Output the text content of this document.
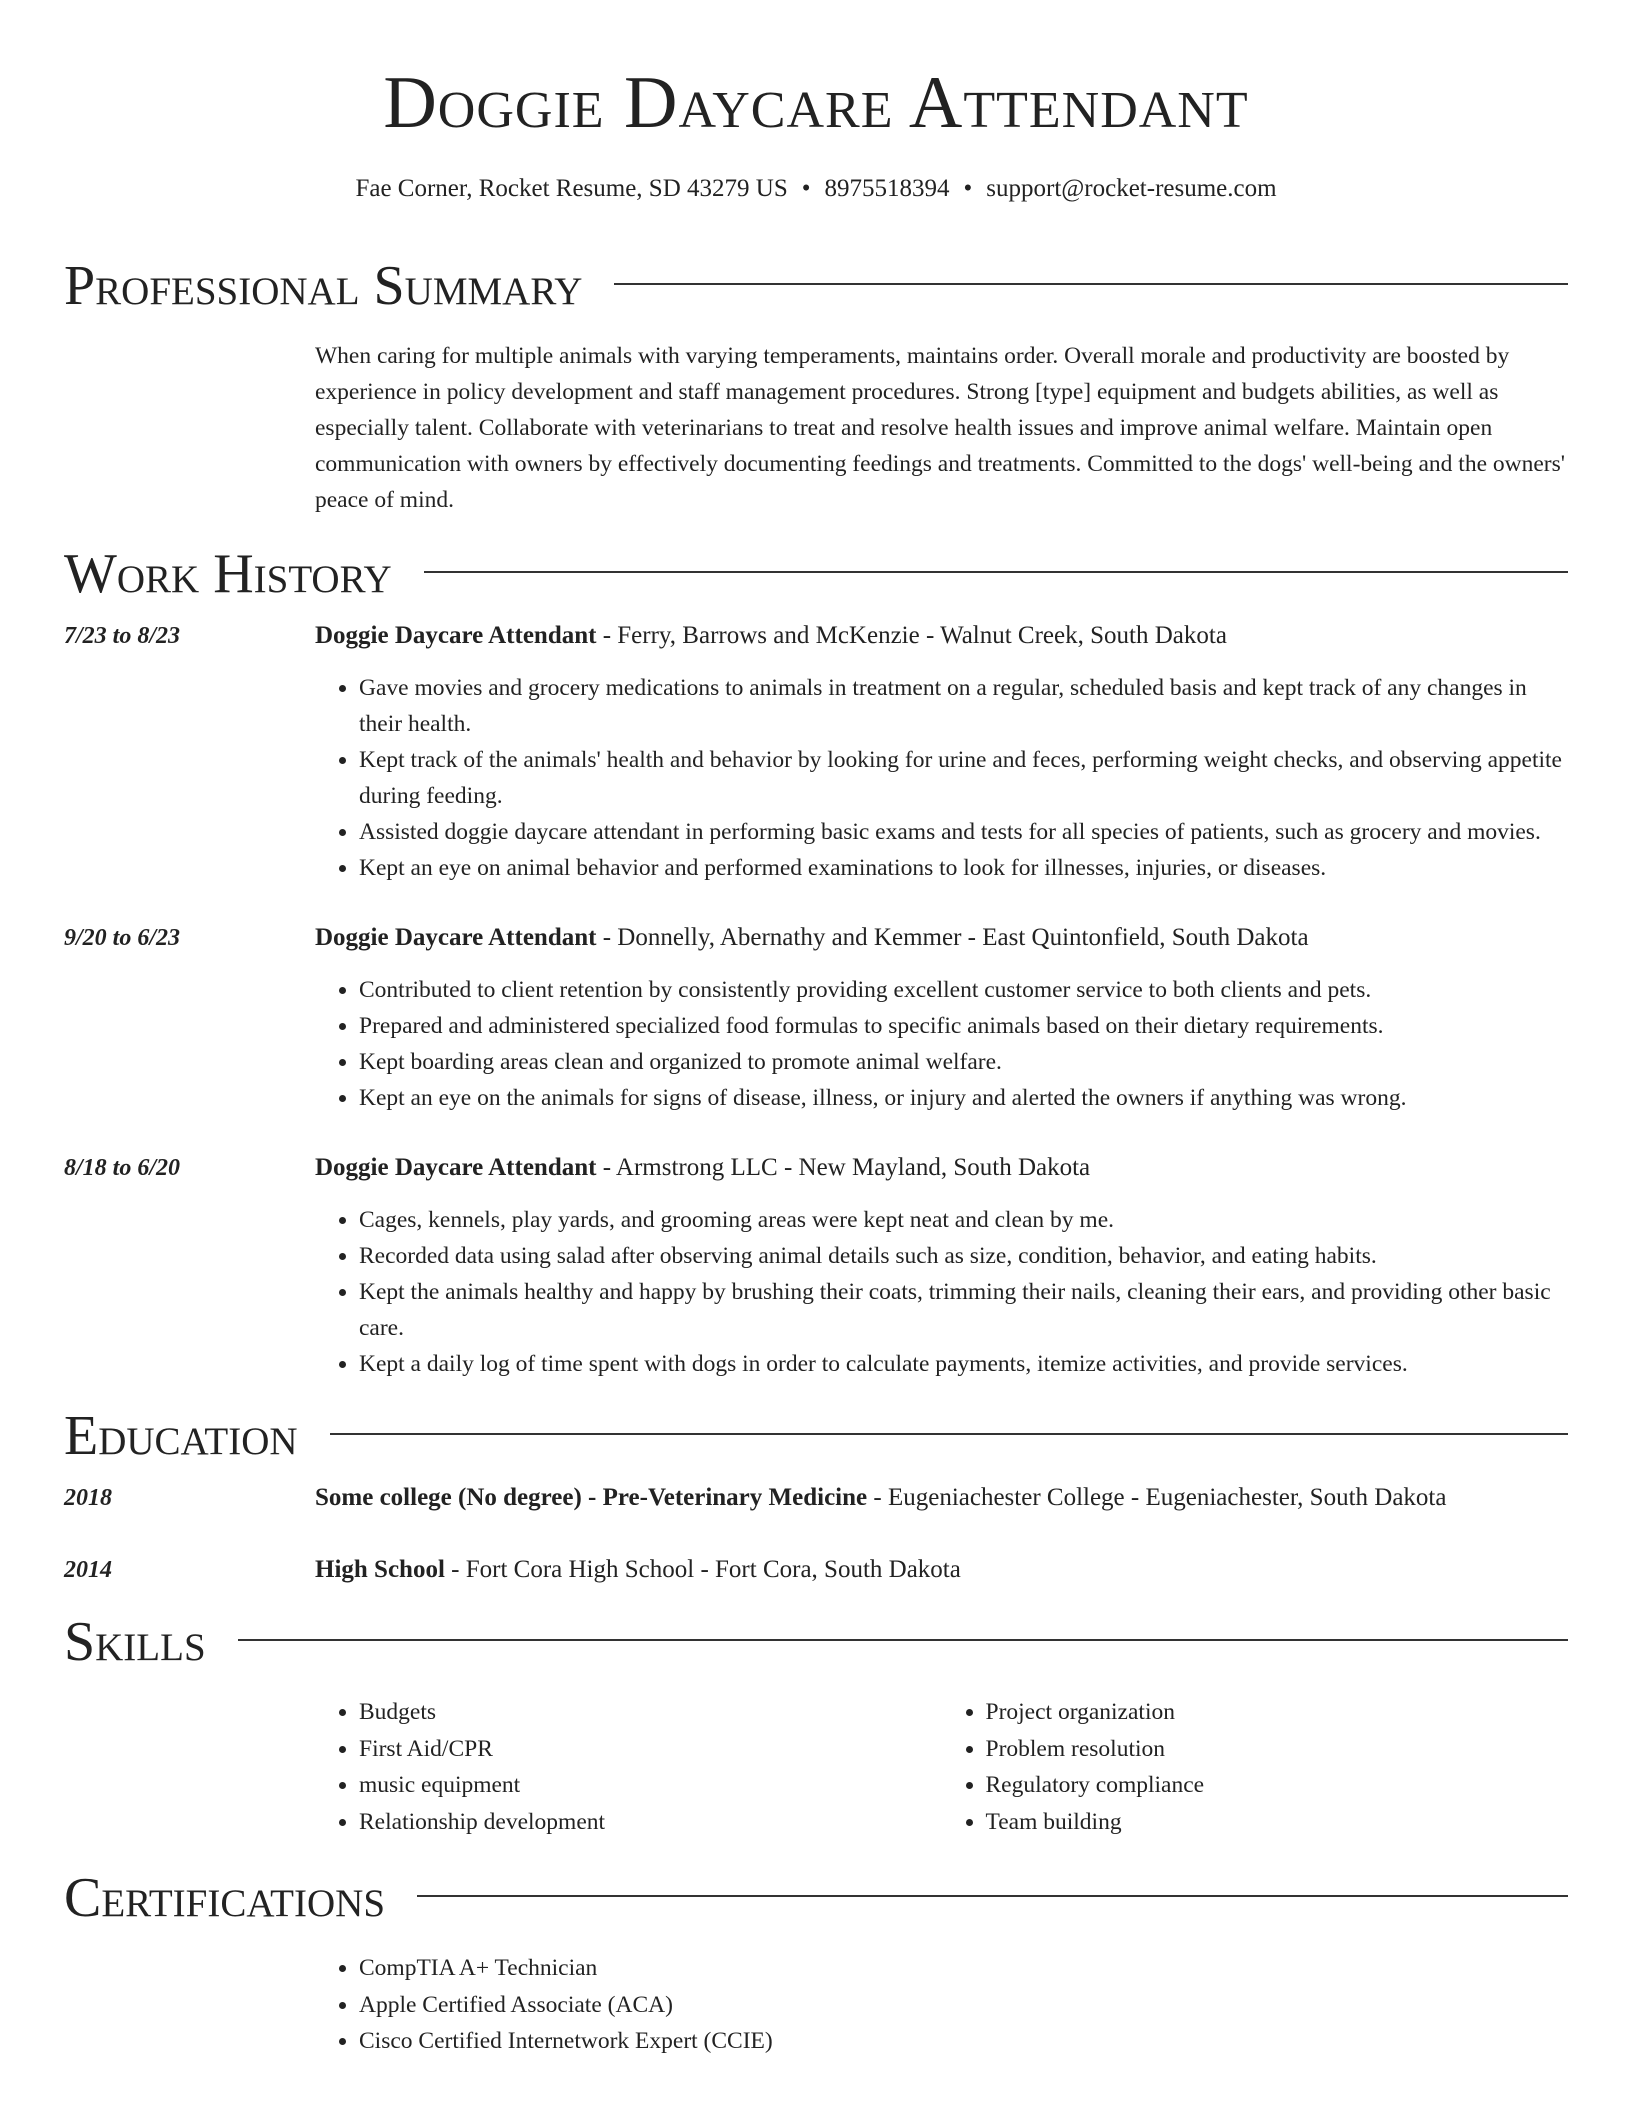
Doggie Daycare Attendant
Fae Corner, Rocket Resume, SD 43279 US • 8975518394 • support@rocket-resume.com
Professional Summary
When caring for multiple animals with varying temperaments, maintains order. Overall morale and productivity are boosted by experience in policy development and staff management procedures. Strong [type] equipment and budgets abilities, as well as especially talent. Collaborate with veterinarians to treat and resolve health issues and improve animal welfare. Maintain open communication with owners by effectively documenting feedings and treatments. Committed to the dogs' well-being and the owners' peace of mind.
Work History
7/23 to 8/23	Doggie Daycare Attendant - Ferry, Barrows and McKenzie - Walnut Creek, South Dakota
• Gave movies and grocery medications to animals in treatment on a regular, scheduled basis and kept track of any changes in their health.
• Kept track of the animals' health and behavior by looking for urine and feces, performing weight checks, and observing appetite during feeding.
• Assisted doggie daycare attendant in performing basic exams and tests for all species of patients, such as grocery and movies.
• Kept an eye on animal behavior and performed examinations to look for illnesses, injuries, or diseases.
9/20 to 6/23	Doggie Daycare Attendant - Donnelly, Abernathy and Kemmer - East Quintonfield, South Dakota
• Contributed to client retention by consistently providing excellent customer service to both clients and pets.
• Prepared and administered specialized food formulas to specific animals based on their dietary requirements.
• Kept boarding areas clean and organized to promote animal welfare.
• Kept an eye on the animals for signs of disease, illness, or injury and alerted the owners if anything was wrong.
8/18 to 6/20	Doggie Daycare Attendant - Armstrong LLC - New Mayland, South Dakota
• Cages, kennels, play yards, and grooming areas were kept neat and clean by me.
• Recorded data using salad after observing animal details such as size, condition, behavior, and eating habits.
• Kept the animals healthy and happy by brushing their coats, trimming their nails, cleaning their ears, and providing other basic care.
• Kept a daily log of time spent with dogs in order to calculate payments, itemize activities, and provide services.
Education
2018	Some college (No degree) - Pre-Veterinary Medicine - Eugeniachester College - Eugeniachester, South Dakota
2014	High School - Fort Cora High School - Fort Cora, South Dakota
Skills
• Budgets
• First Aid/CPR
• music equipment
• Relationship development
• Project organization
• Problem resolution
• Regulatory compliance
• Team building
Certifications
• CompTIA A+ Technician
• Apple Certified Associate (ACA)
• Cisco Certified Internetwork Expert (CCIE)
